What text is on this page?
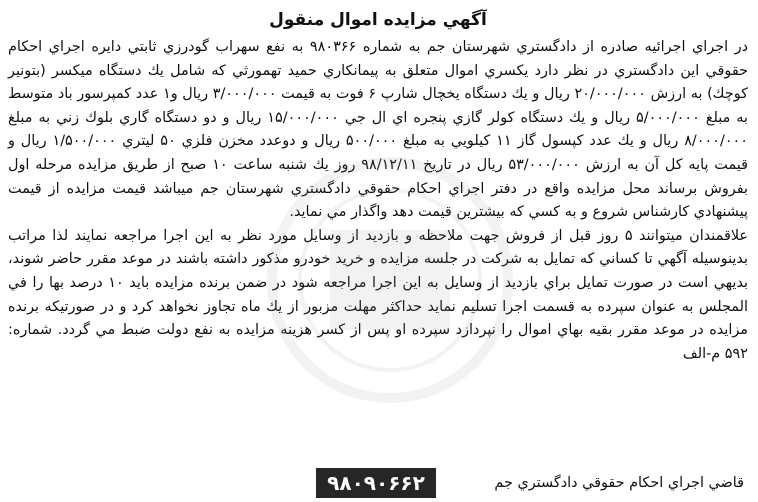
آگهي مزايده اموال منقول

در اجراي اجرائيه صادره از دادگستري شهرستان جم به شماره ۹۸۰۳۶۶ به نفع سهراب گودرزي ثابتي دايره اجراي احكام حقوقي اين دادگستري در نظر دارد يكسري اموال متعلق به پيمانكاري حميد تهمورثي كه شامل يك دستگاه ميكسر (بتونير كوچك) به ارزش ۲۰/۰۰۰/۰۰۰ ريال و يك دستگاه يخچال شارپ ۶ فوت به قيمت ۳/۰۰۰/۰۰۰ ريال و۱ عدد كمپرسور باد متوسط به مبلغ ۵/۰۰۰/۰۰۰ ريال و يك دستگاه كولر گازي پنجره اي ال جي ۱۵/۰۰۰/۰۰۰ ريال و دو دستگاه گاري بلوك زني به مبلغ ۸/۰۰۰/۰۰۰ ريال و يك عدد كپسول گاز ۱۱ كيلويي به مبلغ ۵۰۰/۰۰۰ ريال و دوعدد مخزن فلزي ۵۰ ليتري ۱/۵۰۰/۰۰۰ ريال و قيمت پايه كل آن به ارزش ۵۳/۰۰۰/۰۰۰ ريال در تاريخ ۹۸/۱۲/۱۱ روز يك شنبه ساعت ۱۰ صبح از طريق مزايده مرحله اول بفروش برساند محل مزايده واقع در دفتر اجراي احكام حقوقي دادگستري شهرستان جم ميباشد قيمت مزايده از قيمت پيشنهادي كارشناس شروع و به كسي كه بيشترين قيمت دهد واگذار مي نمايد.

علاقمندان ميتوانند ۵ روز قبل از فروش جهت ملاحظه و بازديد از وسايل مورد نظر به اين اجرا مراجعه نمايند لذا مراتب بدينوسيله آگهي تا كساني كه تمايل به شركت در جلسه مزايده و خريد خودرو مذكور داشته باشند در موعد مقرر حاضر شوند، بديهي است در صورت تمايل براي بازديد از وسايل به اين اجرا مراجعه شود در ضمن برنده مزايده بايد ۱۰ درصد بها را في المجلس به عنوان سپرده به قسمت اجرا تسليم نمايد حداكثر مهلت مزبور از يك ماه تجاوز نخواهد كرد و در صورتيكه برنده مزايده در موعد مقرر بقيه بهاي اموال را نپردازد سپرده او پس از كسر هزينه مزايده به نفع دولت ضبط مي گردد. شماره: ۵۹۲ م-الف

قاضي اجراي احكام حقوقي دادگستري جم
۹۸۰۹۰۶۶۲
